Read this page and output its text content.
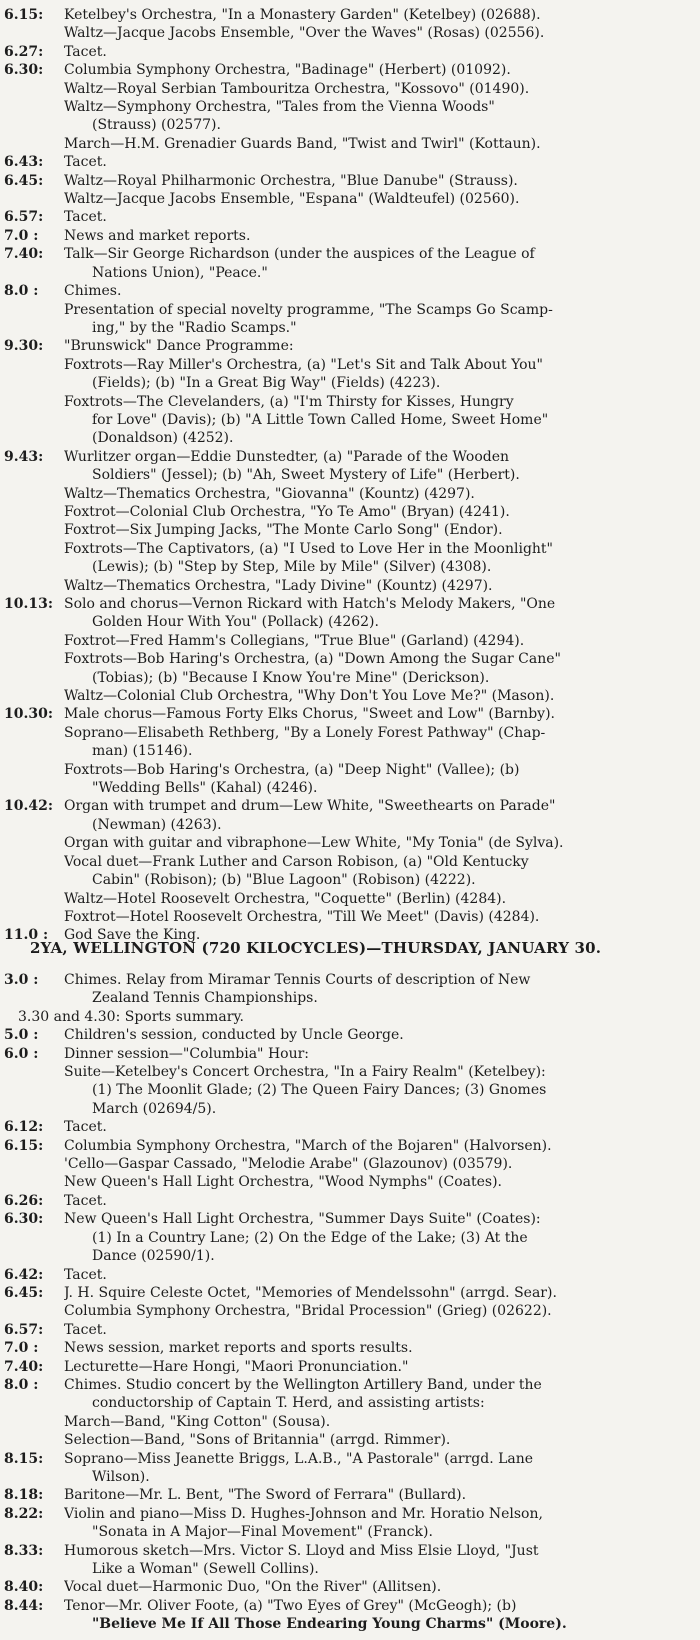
6.15: Ketelbey's Orchestra, "In a Monastery Garden" (Ketelbey) (02688).
Waltz—Jacque Jacobs Ensemble, "Over the Waves" (Rosas) (02556).
6.27: Tacet.
6.30: Columbia Symphony Orchestra, "Badinage" (Herbert) (01092).
Waltz—Royal Serbian Tambouritza Orchestra, "Kossovo" (01490).
Waltz—Symphony Orchestra, "Tales from the Vienna Woods"
(Strauss) (02577).
March—H.M. Grenadier Guards Band, "Twist and Twirl" (Kottaun).
6.43: Tacet.
6.45: Waltz—Royal Philharmonic Orchestra, "Blue Danube" (Strauss).
Waltz—Jacque Jacobs Ensemble, "Espana" (Waldteufel) (02560).
6.57: Tacet.
7.0 : News and market reports.
7.40: Talk—Sir George Richardson (under the auspices of the League of
Nations Union), "Peace."
8.0 : Chimes.
Presentation of special novelty programme, "The Scamps Go Scamp-
ing," by the "Radio Scamps."
9.30: "Brunswick" Dance Programme:
Foxtrots—Ray Miller's Orchestra, (a) "Let's Sit and Talk About You"
(Fields); (b) "In a Great Big Way" (Fields) (4223).
Foxtrots—The Clevelanders, (a) "I'm Thirsty for Kisses, Hungry
for Love" (Davis); (b) "A Little Town Called Home, Sweet Home"
(Donaldson) (4252).
9.43: Wurlitzer organ—Eddie Dunstedter, (a) "Parade of the Wooden
Soldiers" (Jessel); (b) "Ah, Sweet Mystery of Life" (Herbert).
Waltz—Thematics Orchestra, "Giovanna" (Kountz) (4297).
Foxtrot—Colonial Club Orchestra, "Yo Te Amo" (Bryan) (4241).
Foxtrot—Six Jumping Jacks, "The Monte Carlo Song" (Endor).
Foxtrots—The Captivators, (a) "I Used to Love Her in the Moonlight"
(Lewis); (b) "Step by Step, Mile by Mile" (Silver) (4308).
Waltz—Thematics Orchestra, "Lady Divine" (Kountz) (4297).
10.13: Solo and chorus—Vernon Rickard with Hatch's Melody Makers, "One
Golden Hour With You" (Pollack) (4262).
Foxtrot—Fred Hamm's Collegians, "True Blue" (Garland) (4294).
Foxtrots—Bob Haring's Orchestra, (a) "Down Among the Sugar Cane"
(Tobias); (b) "Because I Know You're Mine" (Derickson).
Waltz—Colonial Club Orchestra, "Why Don't You Love Me?" (Mason).
10.30: Male chorus—Famous Forty Elks Chorus, "Sweet and Low" (Barnby).
Soprano—Elisabeth Rethberg, "By a Lonely Forest Pathway" (Chap-
man) (15146).
Foxtrots—Bob Haring's Orchestra, (a) "Deep Night" (Vallee); (b)
"Wedding Bells" (Kahal) (4246).
10.42: Organ with trumpet and drum—Lew White, "Sweethearts on Parade"
(Newman) (4263).
Organ with guitar and vibraphone—Lew White, "My Tonia" (de Sylva).
Vocal duet—Frank Luther and Carson Robison, (a) "Old Kentucky
Cabin" (Robison); (b) "Blue Lagoon" (Robison) (4222).
Waltz—Hotel Roosevelt Orchestra, "Coquette" (Berlin) (4284).
Foxtrot—Hotel Roosevelt Orchestra, "Till We Meet" (Davis) (4284).
11.0 : God Save the King.
2YA, WELLINGTON (720 KILOCYCLES)—THURSDAY, JANUARY 30.
3.0 : Chimes. Relay from Miramar Tennis Courts of description of New
Zealand Tennis Championships.
3.30 and 4.30: Sports summary.
5.0 : Children's session, conducted by Uncle George.
6.0 : Dinner session—"Columbia" Hour:
Suite—Ketelbey's Concert Orchestra, "In a Fairy Realm" (Ketelbey):
(1) The Moonlit Glade; (2) The Queen Fairy Dances; (3) Gnomes
March (02694/5).
6.12: Tacet.
6.15: Columbia Symphony Orchestra, "March of the Bojaren" (Halvorsen).
'Cello—Gaspar Cassado, "Melodie Arabe" (Glazounov) (03579).
New Queen's Hall Light Orchestra, "Wood Nymphs" (Coates).
6.26: Tacet.
6.30: New Queen's Hall Light Orchestra, "Summer Days Suite" (Coates):
(1) In a Country Lane; (2) On the Edge of the Lake; (3) At the
Dance (02590/1).
6.42: Tacet.
6.45: J. H. Squire Celeste Octet, "Memories of Mendelssohn" (arrgd. Sear).
Columbia Symphony Orchestra, "Bridal Procession" (Grieg) (02622).
6.57: Tacet.
7.0 : News session, market reports and sports results.
7.40: Lecturette—Hare Hongi, "Maori Pronunciation."
8.0 : Chimes. Studio concert by the Wellington Artillery Band, under the
conductorship of Captain T. Herd, and assisting artists:
March—Band, "King Cotton" (Sousa).
Selection—Band, "Sons of Britannia" (arrgd. Rimmer).
8.15: Soprano—Miss Jeanette Briggs, L.A.B., "A Pastorale" (arrgd. Lane
Wilson).
8.18: Baritone—Mr. L. Bent, "The Sword of Ferrara" (Bullard).
8.22: Violin and piano—Miss D. Hughes-Johnson and Mr. Horatio Nelson,
"Sonata in A Major—Final Movement" (Franck).
8.33: Humorous sketch—Mrs. Victor S. Lloyd and Miss Elsie Lloyd, "Just
Like a Woman" (Sewell Collins).
8.40: Vocal duet—Harmonic Duo, "On the River" (Allitsen).
8.44: Tenor—Mr. Oliver Foote, (a) "Two Eyes of Grey" (McGeogh); (b)
"Believe Me If All Those Endearing Young Charms" (Moore).
